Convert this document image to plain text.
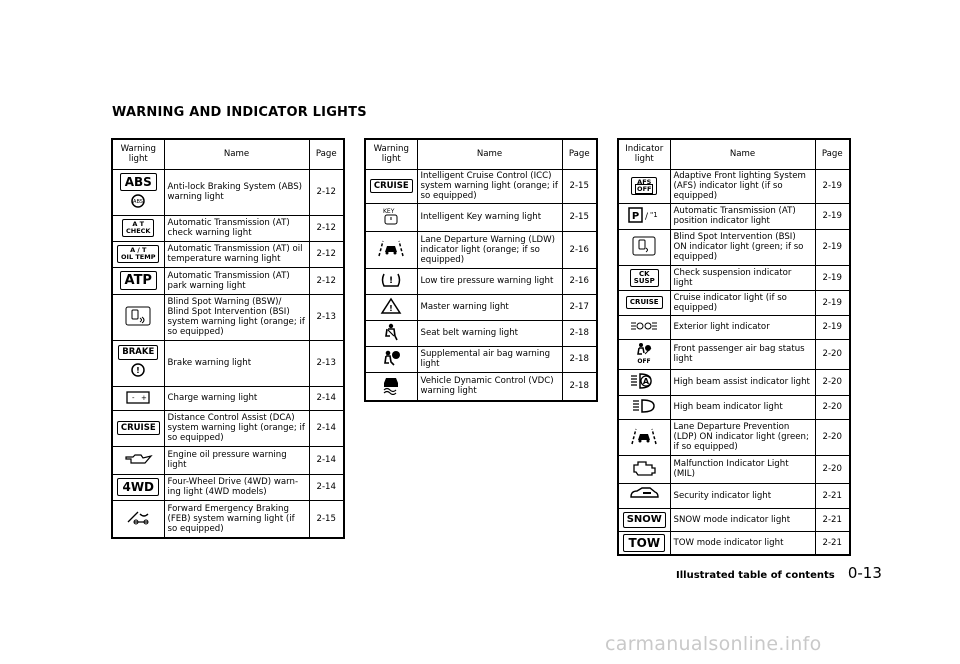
WARNING AND INDICATOR LIGHTS
Warning light	Name	Page
ABS

ABS	Anti-lock Braking System (ABS) warning light	2-12
A T
CHECK	Automatic Transmission (AT) check warning light	2-12
A / T
OIL TEMP	Automatic Transmission (AT) oil temperature warning light	2-12
ATP	Automatic Transmission (AT) park warning light	2-12
	Blind Spot Warning (BSW)/ Blind Spot Intervention (BSI) system warning light (orange; if so equipped)	2-13
BRAKE

!	Brake warning light	2-13

- +	Charge warning light	2-14
CRUISE	Distance Control Assist (DCA) system warning light (orange; if so equipped)	2-14
	Engine oil pressure warning light	2-14
4WD	Four-Wheel Drive (4WD) warn-ing light (4WD models)	2-14
	Forward Emergency Braking (FEB) system warning light (if so equipped)	2-15
Warning light	Name	Page
CRUISE	Intelligent Cruise Control (ICC) system warning light (orange; if so equipped)	2-15

KEY	Intelligent Key warning light	2-15
	Lane Departure Warning (LDW) indicator light (orange; if so equipped)	2-16

!	Low tire pressure warning light	2-16

!	Master warning light	2-17
	Seat belt warning light	2-18
	Supplemental air bag warning light	2-18
	Vehicle Dynamic Control (VDC) warning light	2-18
Indicator light	Name	Page
AFS
OFF	Adaptive Front lighting System (AFS) indicator light (if so equipped)	2-19

P / "1	Automatic Transmission (AT) position indicator light	2-19
	Blind Spot Intervention (BSI) ON indicator light (green; if so equipped)	2-19
CK
SUSP	Check suspension indicator light	2-19
CRUISE	Cruise indicator light (if so equipped)	2-19
	Exterior light indicator	2-19

OFF	Front passenger air bag status light	2-20

A	High beam assist indicator light	2-20
	High beam indicator light	2-20
	Lane Departure Prevention (LDP) ON indicator light (green; if so equipped)	2-20
	Malfunction Indicator Light (MIL)	2-20
	Security indicator light	2-21
SNOW	SNOW mode indicator light	2-21
TOW	TOW mode indicator light	2-21
Illustrated table of contents 0-13
carmanualsonline.info
